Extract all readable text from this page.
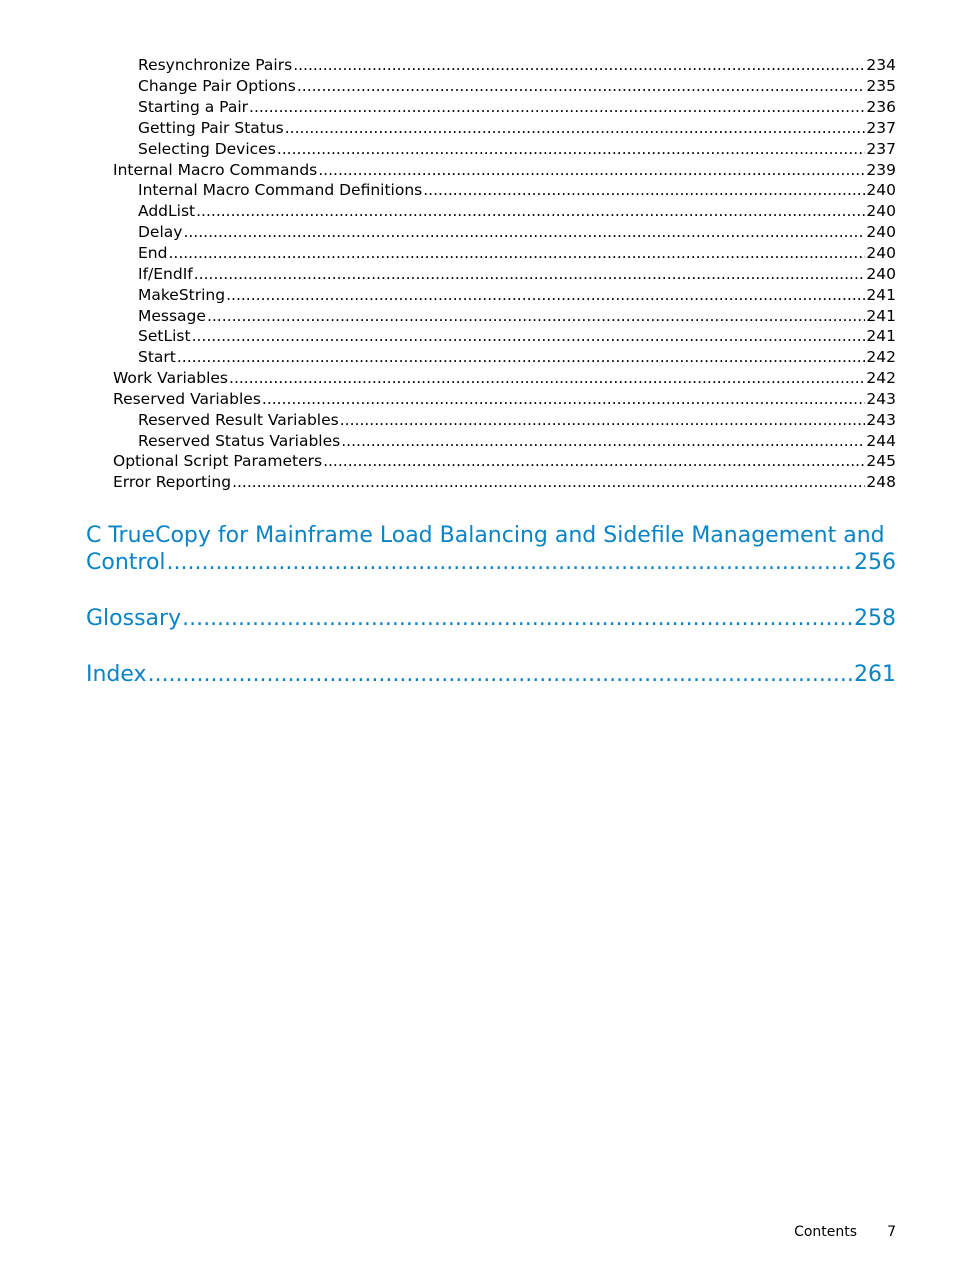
Resynchronize Pairs .....	234
Change Pair Options .....	235
Starting a Pair .....	236
Getting Pair Status .....	237
Selecting Devices .....	237
Internal Macro Commands .....	239
Internal Macro Command Definitions .....	240
AddList .....	240
Delay .....	240
End .....	240
If/EndIf .....	240
MakeString .....	241
Message .....	241
SetList .....	241
Start .....	242
Work Variables .....	242
Reserved Variables .....	243
Reserved Result Variables .....	243
Reserved Status Variables .....	244
Optional Script Parameters .....	245
Error Reporting .....	248
C TrueCopy for Mainframe Load Balancing and Sidefile Management and
Control .....	256
Glossary .....	258
Index .....	261
Contents 7
